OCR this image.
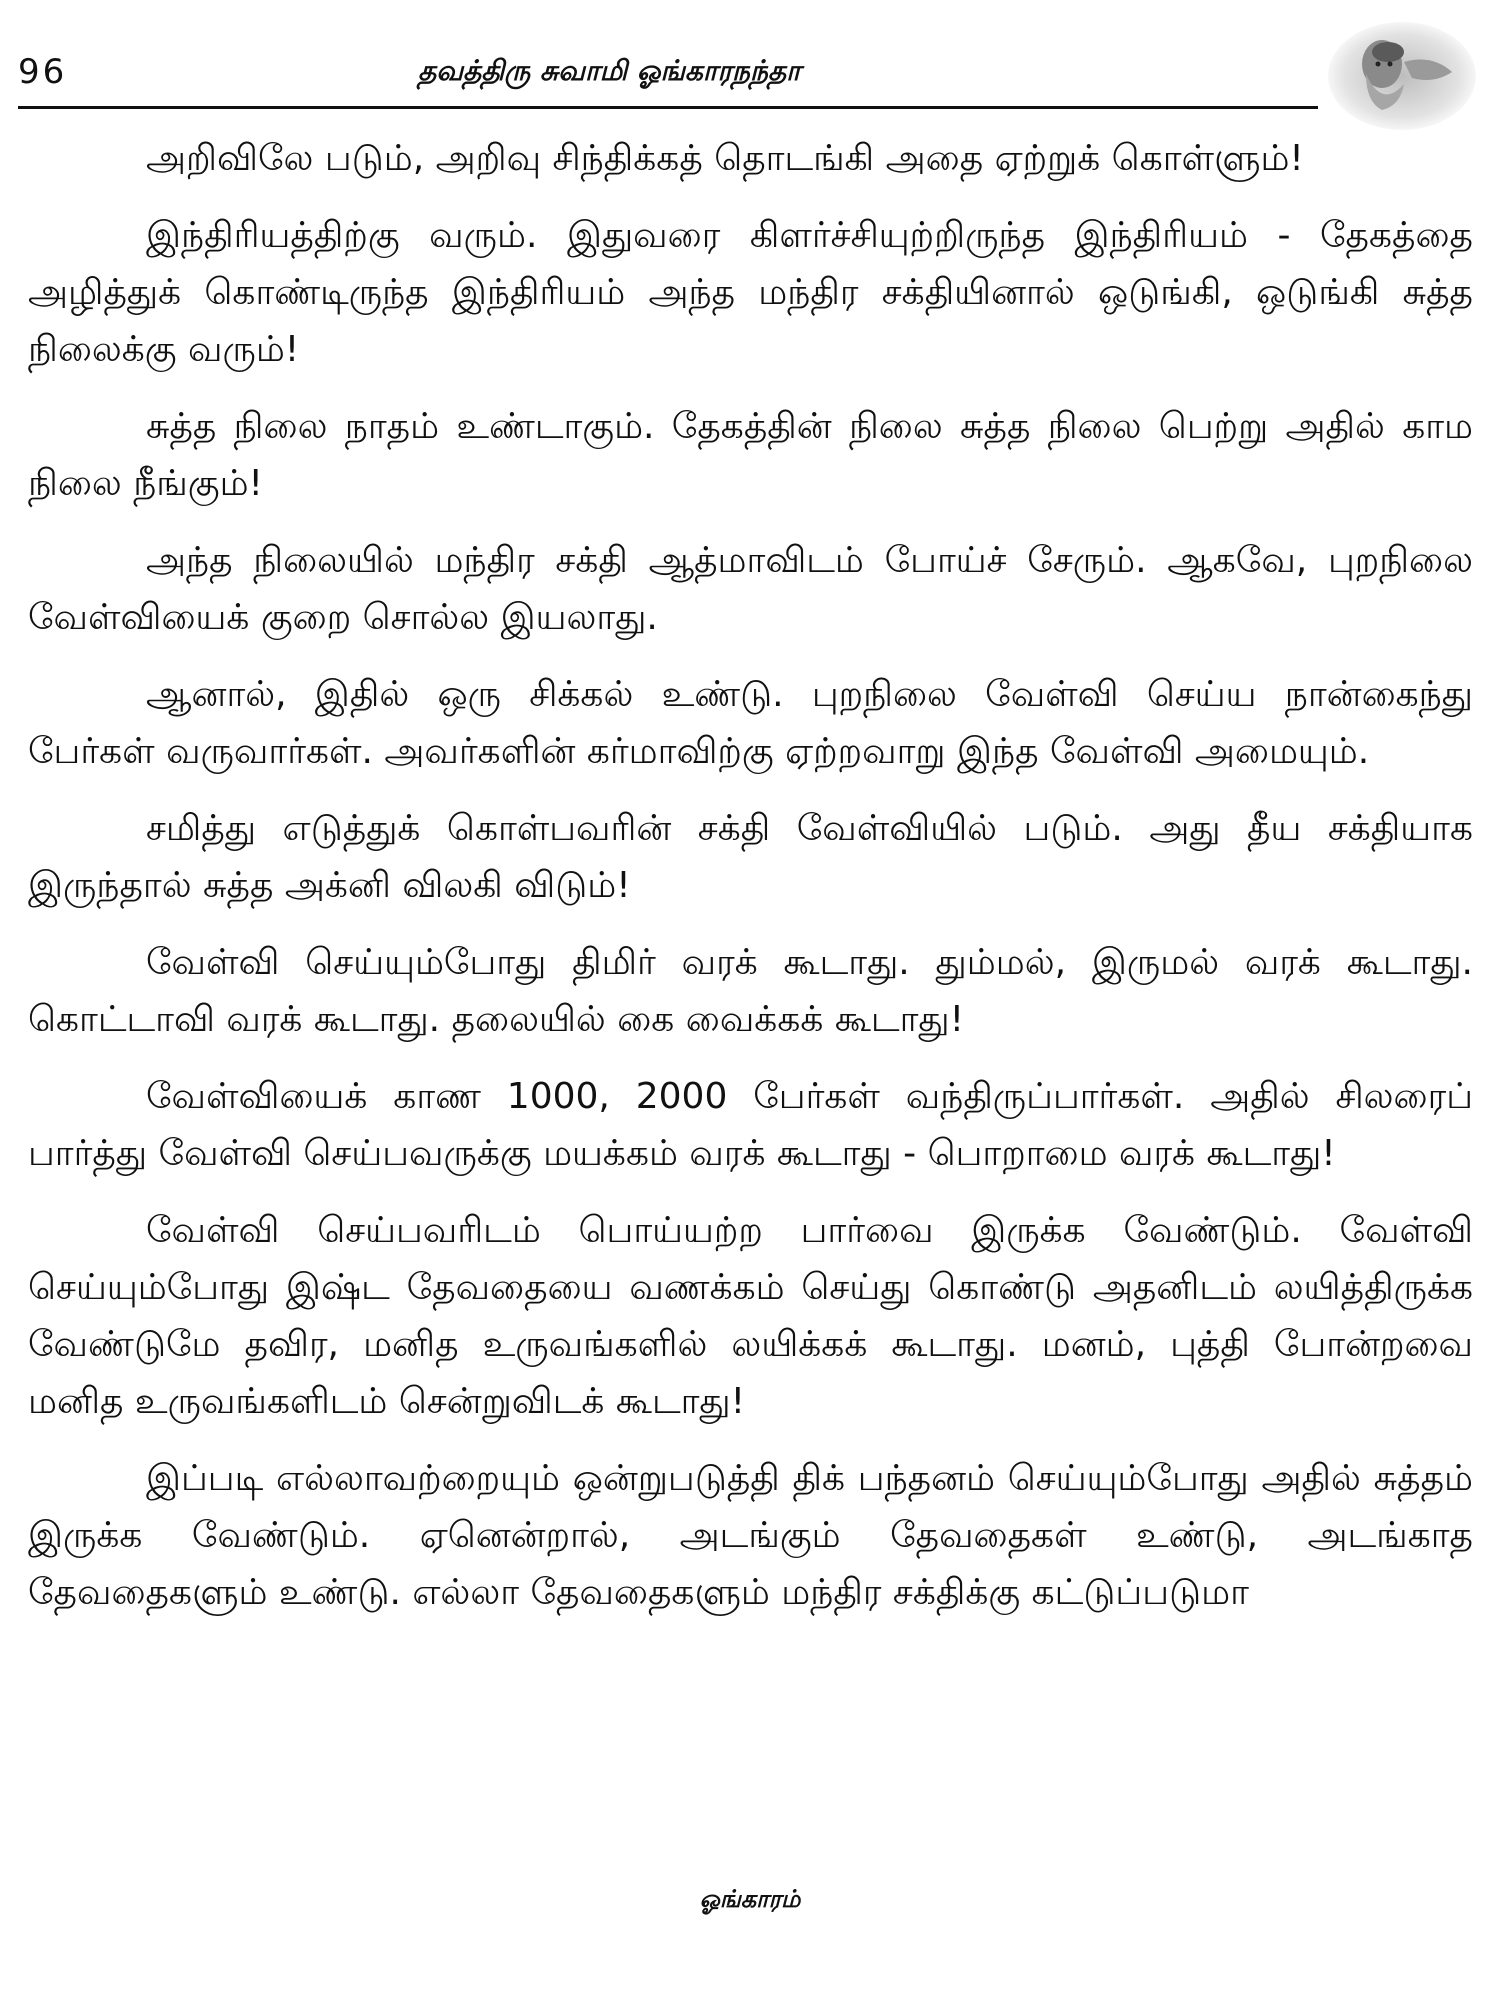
96	தவத்திரு சுவாமி ஓங்காரநந்தா

அறிவிலே படும், அறிவு சிந்திக்கத் தொடங்கி அதை ஏற்றுக் கொள்ளும்!

இந்திரியத்திற்கு வரும். இதுவரை கிளர்ச்சியுற்றிருந்த இந்திரியம் - தேகத்தை அழித்துக் கொண்டிருந்த இந்திரியம் அந்த மந்திர சக்தியினால் ஒடுங்கி, ஒடுங்கி சுத்த நிலைக்கு வரும்!

சுத்த நிலை நாதம் உண்டாகும். தேகத்தின் நிலை சுத்த நிலை பெற்று அதில் காம நிலை நீங்கும்!

அந்த நிலையில் மந்திர சக்தி ஆத்மாவிடம் போய்ச் சேரும். ஆகவே, புறநிலை வேள்வியைக் குறை சொல்ல இயலாது.

ஆனால், இதில் ஒரு சிக்கல் உண்டு. புறநிலை வேள்வி செய்ய நான்கைந்து பேர்கள் வருவார்கள். அவர்களின் கர்மாவிற்கு ஏற்றவாறு இந்த வேள்வி அமையும்.

சமித்து எடுத்துக் கொள்பவரின் சக்தி வேள்வியில் படும். அது தீய சக்தியாக இருந்தால் சுத்த அக்னி விலகி விடும்!

வேள்வி செய்யும்போது திமிர் வரக் கூடாது. தும்மல், இருமல் வரக் கூடாது. கொட்டாவி வரக் கூடாது. தலையில் கை வைக்கக் கூடாது!

வேள்வியைக் காண 1000, 2000 பேர்கள் வந்திருப்பார்கள். அதில் சிலரைப் பார்த்து வேள்வி செய்பவருக்கு மயக்கம் வரக் கூடாது - பொறாமை வரக் கூடாது!

வேள்வி செய்பவரிடம் பொய்யற்ற பார்வை இருக்க வேண்டும். வேள்வி செய்யும்போது இஷ்ட தேவதையை வணக்கம் செய்து கொண்டு அதனிடம் லயித்திருக்க வேண்டுமே தவிர, மனித உருவங்களில் லயிக்கக் கூடாது. மனம், புத்தி போன்றவை மனித உருவங்களிடம் சென்றுவிடக் கூடாது!

இப்படி எல்லாவற்றையும் ஒன்றுபடுத்தி திக் பந்தனம் செய்யும்போது அதில் சுத்தம் இருக்க வேண்டும். ஏனென்றால், அடங்கும் தேவதைகள் உண்டு, அடங்காத தேவதைகளும் உண்டு. எல்லா தேவதைகளும் மந்திர சக்திக்கு கட்டுப்படுமா

ஓங்காரம்
